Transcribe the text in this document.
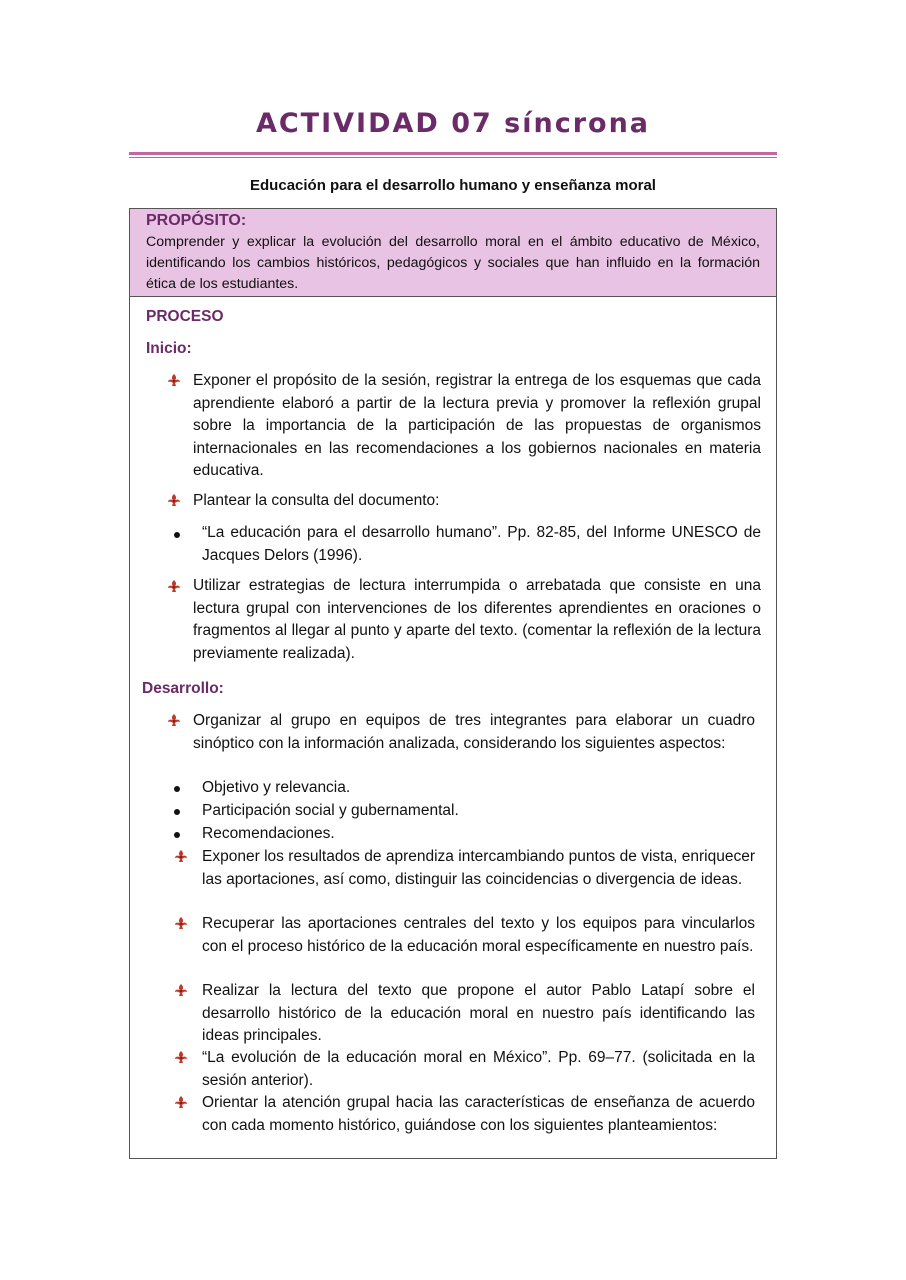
ACTIVIDAD 07 síncrona

Educación para el desarrollo humano y enseñanza moral

PROPÓSITO:
Comprender y explicar la evolución del desarrollo moral en el ámbito educativo de México, identificando los cambios históricos, pedagógicos y sociales que han influido en la formación ética de los estudiantes.
PROCESO
Inicio:
Exponer el propósito de la sesión, registrar la entrega de los esquemas que cada aprendiente elaboró a partir de la lectura previa y promover la reflexión grupal sobre la importancia de la participación de las propuestas de organismos internacionales en las recomendaciones a los gobiernos nacionales en materia educativa.
Plantear la consulta del documento:
“La educación para el desarrollo humano”. Pp. 82-85, del Informe UNESCO de Jacques Delors (1996).
Utilizar estrategias de lectura interrumpida o arrebatada que consiste en una lectura grupal con intervenciones de los diferentes aprendientes en oraciones o fragmentos al llegar al punto y aparte del texto. (comentar la reflexión de la lectura previamente realizada).
Desarrollo:
Organizar al grupo en equipos de tres integrantes para elaborar un cuadro sinóptico con la información analizada, considerando los siguientes aspectos:
Objetivo y relevancia.
Participación social y gubernamental.
Recomendaciones.
Exponer los resultados de aprendiza intercambiando puntos de vista, enriquecer las aportaciones, así como, distinguir las coincidencias o divergencia de ideas.
Recuperar las aportaciones centrales del texto y los equipos para vincularlos con el proceso histórico de la educación moral específicamente en nuestro país.
Realizar la lectura del texto que propone el autor Pablo Latapí sobre el desarrollo histórico de la educación moral en nuestro país identificando las ideas principales.
“La evolución de la educación moral en México”. Pp. 69–77. (solicitada en la sesión anterior).
Orientar la atención grupal hacia las características de enseñanza de acuerdo con cada momento histórico, guiándose con los siguientes planteamientos:
